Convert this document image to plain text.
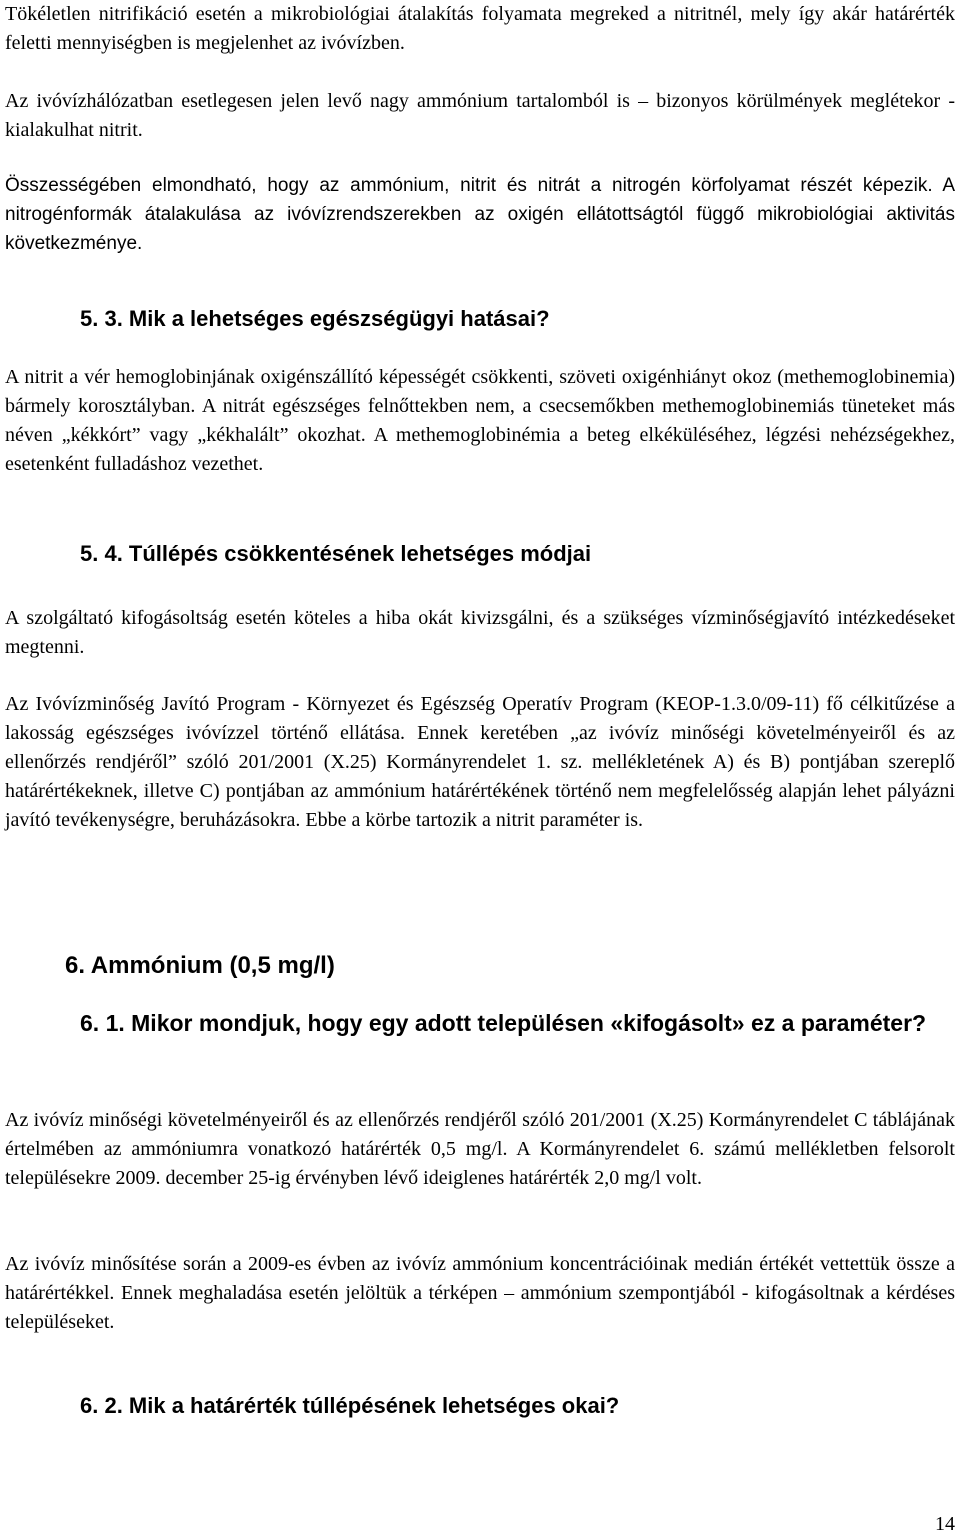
Tökéletlen nitrifikáció esetén a mikrobiológiai átalakítás folyamata megreked a nitritnél, mely így akár határérték feletti mennyiségben is megjelenhet az ivóvízben.

Az ivóvízhálózatban esetlegesen jelen levő nagy ammónium tartalomból is – bizonyos körülmények meglétekor - kialakulhat nitrit.

Összességében elmondható, hogy az ammónium, nitrit és nitrát a nitrogén körfolyamat részét képezik. A nitrogénformák átalakulása az ivóvízrendszerekben az oxigén ellátottságtól függő mikrobiológiai aktivitás következménye.

5. 3. Mik a lehetséges egészségügyi hatásai?

A nitrit a vér hemoglobinjának oxigénszállító képességét csökkenti, szöveti oxigénhiányt okoz (methemoglobinemia) bármely korosztályban. A nitrát egészséges felnőttekben nem, a csecsemőkben methemoglobinemiás tüneteket más néven „kékkórt” vagy „kékhalált” okozhat. A methemoglobinémia a beteg elkéküléséhez, légzési nehézségekhez, esetenként fulladáshoz vezethet.

5. 4. Túllépés csökkentésének lehetséges módjai

A szolgáltató kifogásoltság esetén köteles a hiba okát kivizsgálni, és a szükséges vízminőségjavító intézkedéseket megtenni.

Az Ivóvízminőség Javító Program - Környezet és Egészség Operatív Program (KEOP-1.3.0/09-11) fő célkitűzése a lakosság egészséges ivóvízzel történő ellátása. Ennek keretében „az ivóvíz minőségi követelményeiről és az ellenőrzés rendjéről” szóló 201/2001 (X.25) Kormányrendelet 1. sz. mellékletének A) és B) pontjában szereplő határértékeknek, illetve C) pontjában az ammónium határértékének történő nem megfelelősség alapján lehet pályázni javító tevékenységre, beruházásokra. Ebbe a körbe tartozik a nitrit paraméter is.

6. Ammónium (0,5 mg/l)
6. 1. Mikor mondjuk, hogy egy adott településen «kifogásolt» ez a paraméter?

Az ivóvíz minőségi követelményeiről és az ellenőrzés rendjéről szóló 201/2001 (X.25) Kormányrendelet C táblájának értelmében az ammóniumra vonatkozó határérték 0,5 mg/l. A Kormányrendelet 6. számú mellékletben felsorolt településekre 2009. december 25-ig érvényben lévő ideiglenes határérték 2,0 mg/l volt.

Az ivóvíz minősítése során a 2009-es évben az ivóvíz ammónium koncentrációinak medián értékét vettettük össze a határértékkel. Ennek meghaladása esetén jelöltük a térképen – ammónium szempontjából - kifogásoltnak a kérdéses településeket.

6. 2. Mik a határérték túllépésének lehetséges okai?
14
